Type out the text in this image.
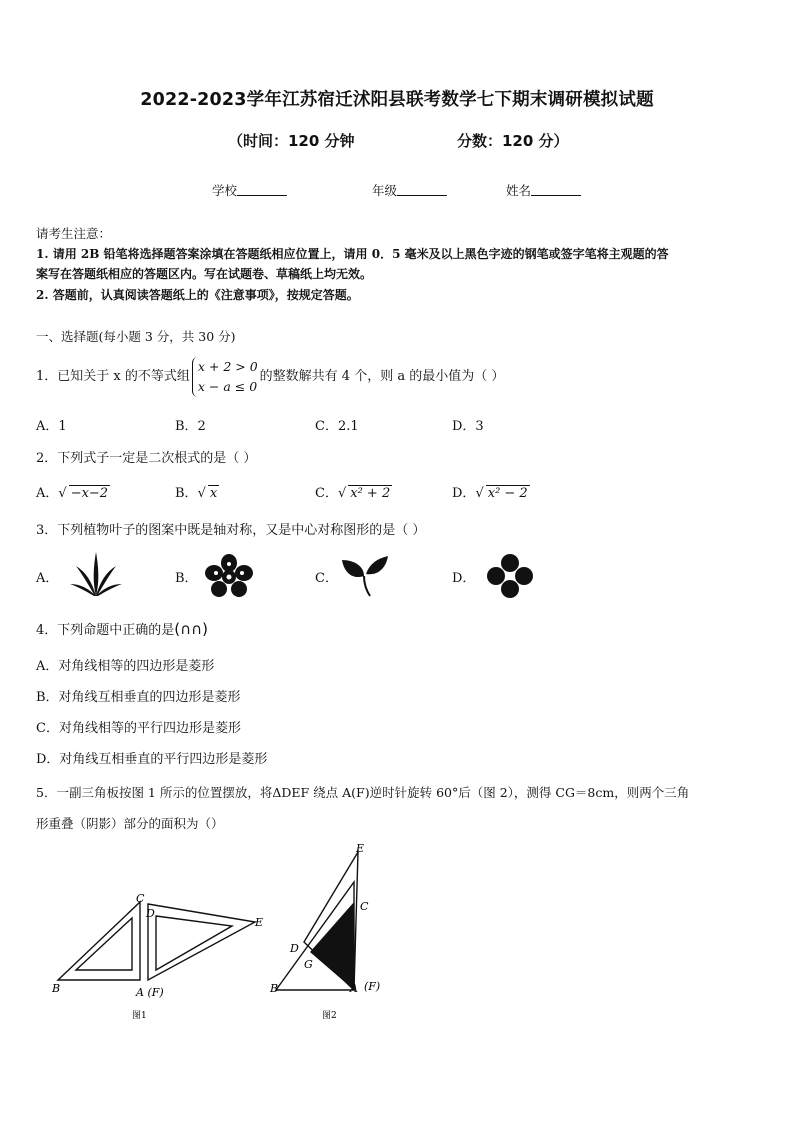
2022-2023学年江苏宿迁沭阳县联考数学七下期末调研模拟试题
（时间：120 分钟	分数：120 分）
学校	年级	姓名
请考生注意：
1. 请用 2B 铅笔将选择题答案涂填在答题纸相应位置上，请用 0．5 毫米及以上黑色字迹的钢笔或签字笔将主观题的答
案写在答题纸相应的答题区内。写在试题卷、草稿纸上均无效。
2. 答题前，认真阅读答题纸上的《注意事项》，按规定答题。
一、选择题(每小题 3 分，共 30 分)
1．已知关于 x 的不等式组x + 2 > 0
x − a ≤ 0的整数解共有 4 个，则 a 的最小值为（ ）
A．1	B．2	C．2.1	D．3
2．下列式子一定是二次根式的是（ ）
A．√ −x−2	B．√ x	C．√ x² + 2	D．√ x² − 2
3．下列植物叶子的图案中既是轴对称，又是中心对称图形的是（ ）
A．	B．	C．	D．
4．下列命题中正确的是(∩∩)
A．对角线相等的四边形是菱形
B．对角线互相垂直的四边形是菱形
C．对角线相等的平行四边形是菱形
D．对角线互相垂直的平行四边形是菱形
5．一副三角板按图 1 所示的位置摆放，将ΔDEF 绕点 A(F)逆时针旋转 60°后（图 2），测得 CG＝8cm，则两个三角
形重叠（阴影）部分的面积为（）
C
D
E
B	A (F)
图1
E
C
D
G
B	A (F)
图2
